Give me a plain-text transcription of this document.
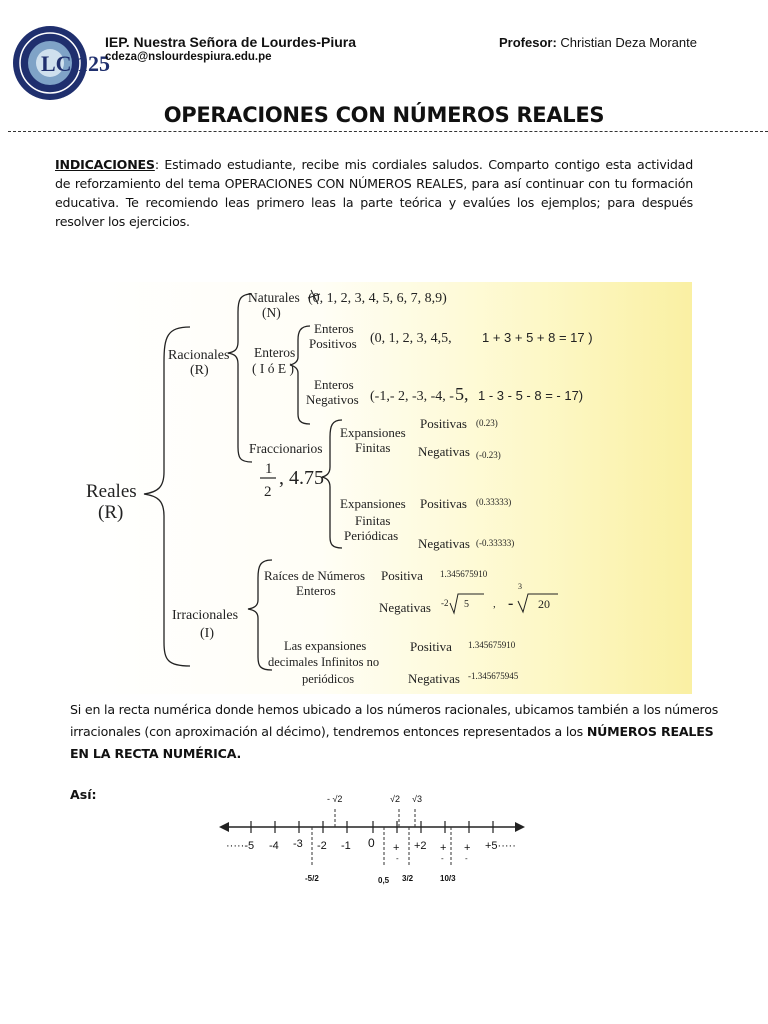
LC 125
IEP. Nuestra Señora de Lourdes-Piura
cdeza@nslourdespiura.edu.pe
Profesor: Christian Deza Morante
OPERACIONES CON NÚMEROS REALES
INDICACIONES: Estimado estudiante, recibe mis cordiales saludos. Comparto contigo esta actividad de reforzamiento del tema OPERACIONES CON NÚMEROS REALES, para así continuar con tu formación educativa. Te recomiendo leas primero leas la parte teórica y evalúes los ejemplos; para después resolver los ejercicios.
Reales
(R)
Racionales
(R)
Irracionales
(I)
Naturales
(N)
(0, 1, 2, 3, 4, 5, 6, 7, 8,9)
Enteros
( I ó E )
Enteros
Positivos (0, 1, 2, 3, 4,5, 1 + 3 + 5 + 8 = 17 )
Enteros
Negativos (-1,- 2, -3, -4, - 5, 1 - 3 - 5 - 8 = - 17)
Fraccionarios
1
2
, 4.75
Expansiones
Finitas
Positivas (0.23)
Negativas (-0.23)
Expansiones
Finitas
Periódicas
Positivas (0.33333)
Negativas (-0.33333)
Raíces de Números
Enteros
Positiva 1.345675910
Negativas -2 5 , -
3
20
Las expansiones
decimales Infinitos no
periódicos
Positiva 1.345675910
Negativas -1.345675945
Si en la recta numérica donde hemos ubicado a los números racionales, ubicamos también a los números irracionales (con aproximación al décimo), tendremos entonces representados a los NÚMEROS REALES EN LA RECTA NUMÉRICA.
Así:
·····-5 -4 -3 -2 -1 0 + +2 + + +5·····
-	-	-
- √2	√2 √3
-5/2	0,5 3/2	10/3
